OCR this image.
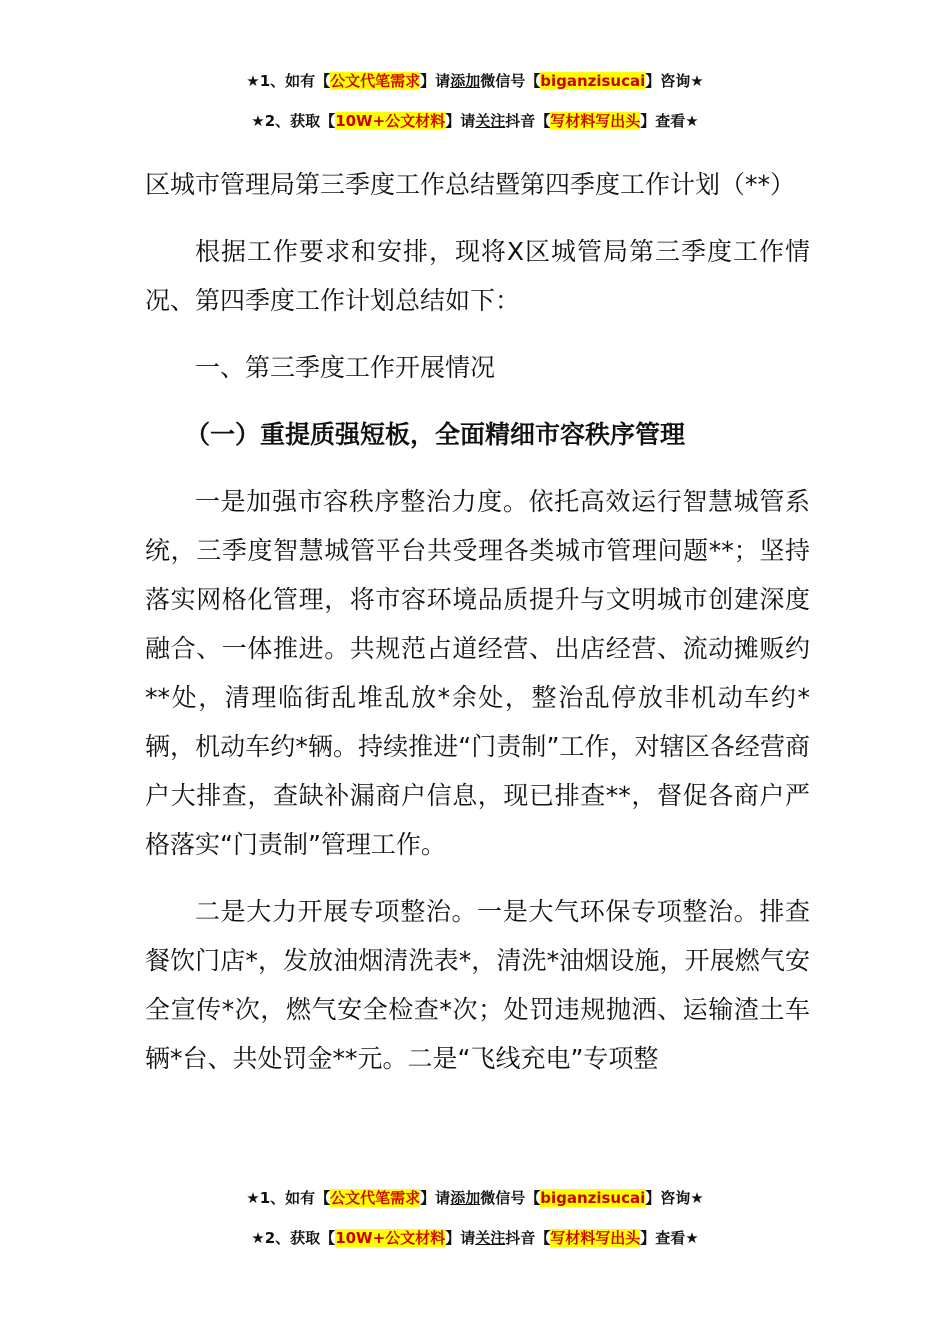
★1、如有【公文代笔需求】请添加微信号【biganzisucai】咨询★
★2、获取【10W+公文材料】请关注抖音【写材料写出头】查看★

区城市管理局第三季度工作总结暨第四季度工作计划（**）

根据工作要求和安排，现将X区城管局第三季度工作情况、第四季度工作计划总结如下：

一、第三季度工作开展情况

（一）重提质强短板，全面精细市容秩序管理

一是加强市容秩序整治力度。依托高效运行智慧城管系统，三季度智慧城管平台共受理各类城市管理问题**；坚持落实网格化管理，将市容环境品质提升与文明城市创建深度融合、一体推进。共规范占道经营、出店经营、流动摊贩约**处，清理临街乱堆乱放*余处，整治乱停放非机动车约*辆，机动车约*辆。持续推进“门责制”工作，对辖区各经营商户大排查，查缺补漏商户信息，现已排查**，督促各商户严格落实“门责制”管理工作。

二是大力开展专项整治。一是大气环保专项整治。排查餐饮门店*，发放油烟清洗表*，清洗*油烟设施，开展燃气安全宣传*次，燃气安全检查*次；处罚违规抛洒、运输渣土车辆*台、共处罚金**元。二是“飞线充电”专项整

★1、如有【公文代笔需求】请添加微信号【biganzisucai】咨询★
★2、获取【10W+公文材料】请关注抖音【写材料写出头】查看★
